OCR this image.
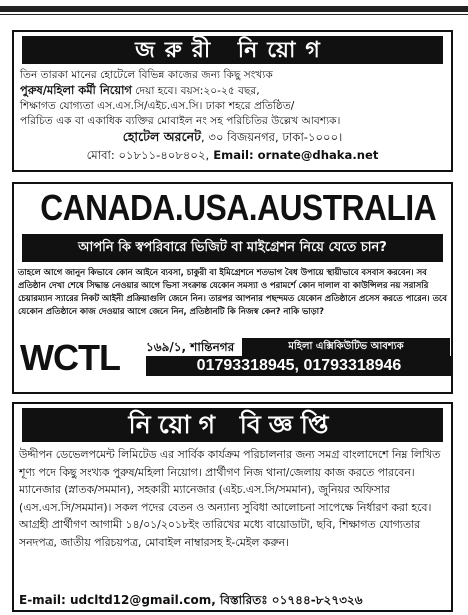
জরুরী নিয়োগ
তিন তারকা মানের হোটেলে বিভিন্ন কাজের জন্য কিছু সংখ্যক
পুরুষ/মহিলা কর্মী নিয়োগ দেয়া হবে। বয়স:২০-২৫ বছর,
শিক্ষাগত যোগ্যতা এস.এস.সি/এইচ.এস.সি। ঢাকা শহরে প্রতিষ্ঠিত/
পরিচিত এক বা একাধিক ব্যক্তির মোবাইল নং সহ পরিচিতির উল্লেখ আবশ্যক।
হোটেল অরনেট, ৩০ বিজয়নগর, ঢাকা-১০০০।
মোবা: ০১৮১১-৪০৮৪০২, Email: ornate@dhaka.net
CANADA.USA.AUSTRALIA
আপনি কি স্বপরিবারে ভিজিট বা মাইগ্রেশন নিয়ে যেতে চান?
তাহলে আগে জানুন কিভাবে কোন আইনে ব্যবসা, চাকুরী বা ইমিগ্রেশনে শতভাগ বৈধ উপায়ে স্থায়ীভাবে বসবাস করবেন। সব প্রতিষ্ঠান দেখা শেষে সিদ্ধান্ত নেওয়ার আগে ভিসা সংক্রান্ত যেকোন সমস্যা ও পরামর্শে কোন দালাল বা কাউন্সিলর নয় সরাসরি চেয়ারম্যান স্যারের নিকট আইনী প্রক্রিয়াগুলি জেনে নিন। তারপর আপনার পছন্দমত যেকোন প্রতিষ্ঠানে প্রসেস করতে পারেন। তবে যেকোন প্রতিষ্ঠানে কাজ দেওয়ার আগে জেনে নিন, প্রতিষ্ঠানটি কি নিজস্ব কেন? নাকি ভাড়া?
WCTL ১৬৯/১, শান্তিনগর	মহিলা এক্সিকিউটিভ আবশ্যক
01793318945, 01793318946
নিয়োগ বিজ্ঞপ্তি
উদ্দীপন ডেভেলপমেন্ট লিমিটেড এর সার্বিক কার্যক্রম পরিচালনার জন্য সমগ্র বাংলাদেশে নিম্ন লিখিত শূণ্য পদে কিছু সংখ্যক পুরুষ/মহিলা নিয়োগ। প্রার্থীগণ নিজ থানা/জেলায় কাজ করতে পারবেন। ম্যানেজার (স্নাতক/সমমান), সহকারী ম্যানেজার (এইচ.এস.সি/সমমান), জুনিয়র অফিসার (এস.এস.সি/সমমান)। সকল পদের বেতন ও অন্যান্য সুবিধা আলোচনা সাপেক্ষে নির্ধারণ করা হবে। আগ্রহী প্রার্থীগণ আগামী ১৪/০১/২০১৮ইং তারিখের মধ্যে বায়োডাটা, ছবি, শিক্ষাগত যোগ্যতার সনদপত্র, জাতীয় পরিচয়পত্র, মোবাইল নাম্বারসহ ই-মেইল করুন।
E-mail: udcltd12@gmail.com, বিস্তারিতঃ ০১৭৪৪-৮২৭৩২৬
